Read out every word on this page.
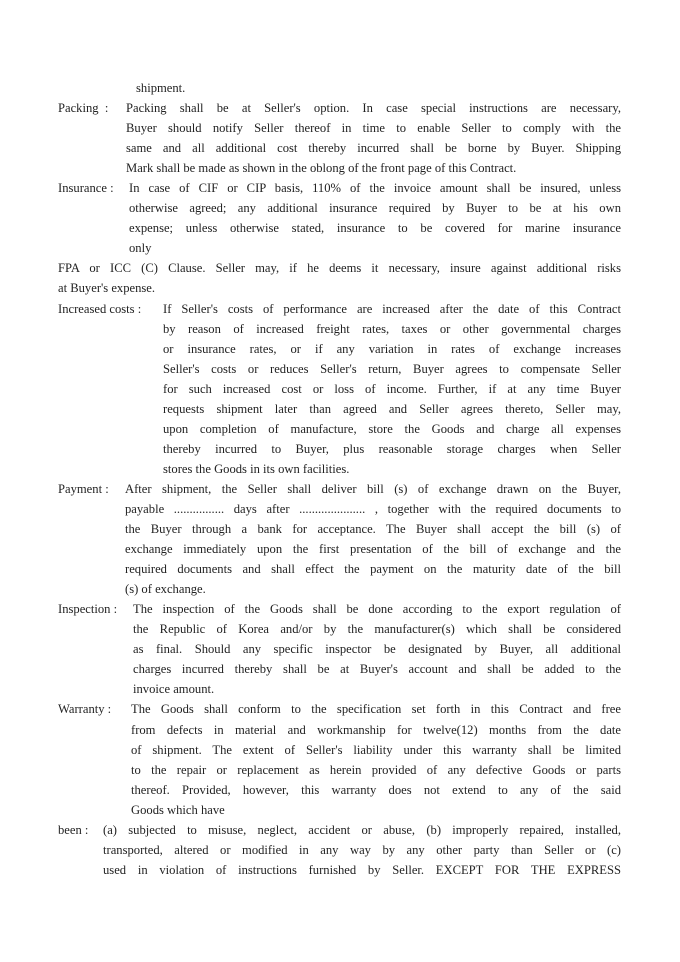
shipment.
Packing  : Packing shall be at Seller's option. In case special instructions are necessary,
Buyer should notify Seller thereof in time to enable Seller to comply with the
same and all additional cost thereby incurred shall be borne by Buyer. Shipping
Mark shall be made as shown in the oblong of the front page of this Contract.
Insurance : In case of CIF or CIP basis, 110% of the invoice amount shall be insured, unless
otherwise agreed; any additional insurance required by Buyer to be at his own
expense; unless otherwise stated, insurance to be covered for marine insurance
only
FPA or ICC (C) Clause. Seller may, if he deems it necessary, insure against additional risks
at Buyer's expense.
Increased costs : If Seller's costs of performance are increased after the date of this Contract
by reason of increased freight rates, taxes or other governmental charges
or insurance rates, or if any variation in rates of exchange increases
Seller's costs or reduces Seller's return, Buyer agrees to compensate Seller
for such increased cost or loss of income. Further, if at any time Buyer
requests shipment later than agreed and Seller agrees thereto, Seller may,
upon completion of manufacture, store the Goods and charge all expenses
thereby incurred to Buyer, plus reasonable storage charges when Seller
stores the Goods in its own facilities.
Payment : After shipment, the Seller shall deliver bill (s) of exchange drawn on the Buyer,
payable ................ days after ..................... , together with the required documents to
the Buyer through a bank for acceptance. The Buyer shall accept the bill (s) of
exchange immediately upon the first presentation of the bill of exchange and the
required documents and shall effect the payment on the maturity date of the bill
(s) of exchange.
Inspection : The inspection of the Goods shall be done according to the export regulation of
the Republic of Korea and/or by the manufacturer(s) which shall be considered
as final. Should any specific inspector be designated by Buyer, all additional
charges incurred thereby shall be at Buyer's account and shall be added to the
invoice amount.
Warranty : The Goods shall conform to the specification set forth in this Contract and free
from defects in material and workmanship for twelve(12) months from the date
of shipment. The extent of Seller's liability under this warranty shall be limited
to the repair or replacement as herein provided of any defective Goods or parts
thereof. Provided, however, this warranty does not extend to any of the said
Goods which have
been : (a) subjected to misuse, neglect, accident or abuse, (b) improperly repaired, installed,
transported, altered or modified in any way by any other party than Seller or (c)
used in violation of instructions furnished by Seller. EXCEPT FOR THE EXPRESS
